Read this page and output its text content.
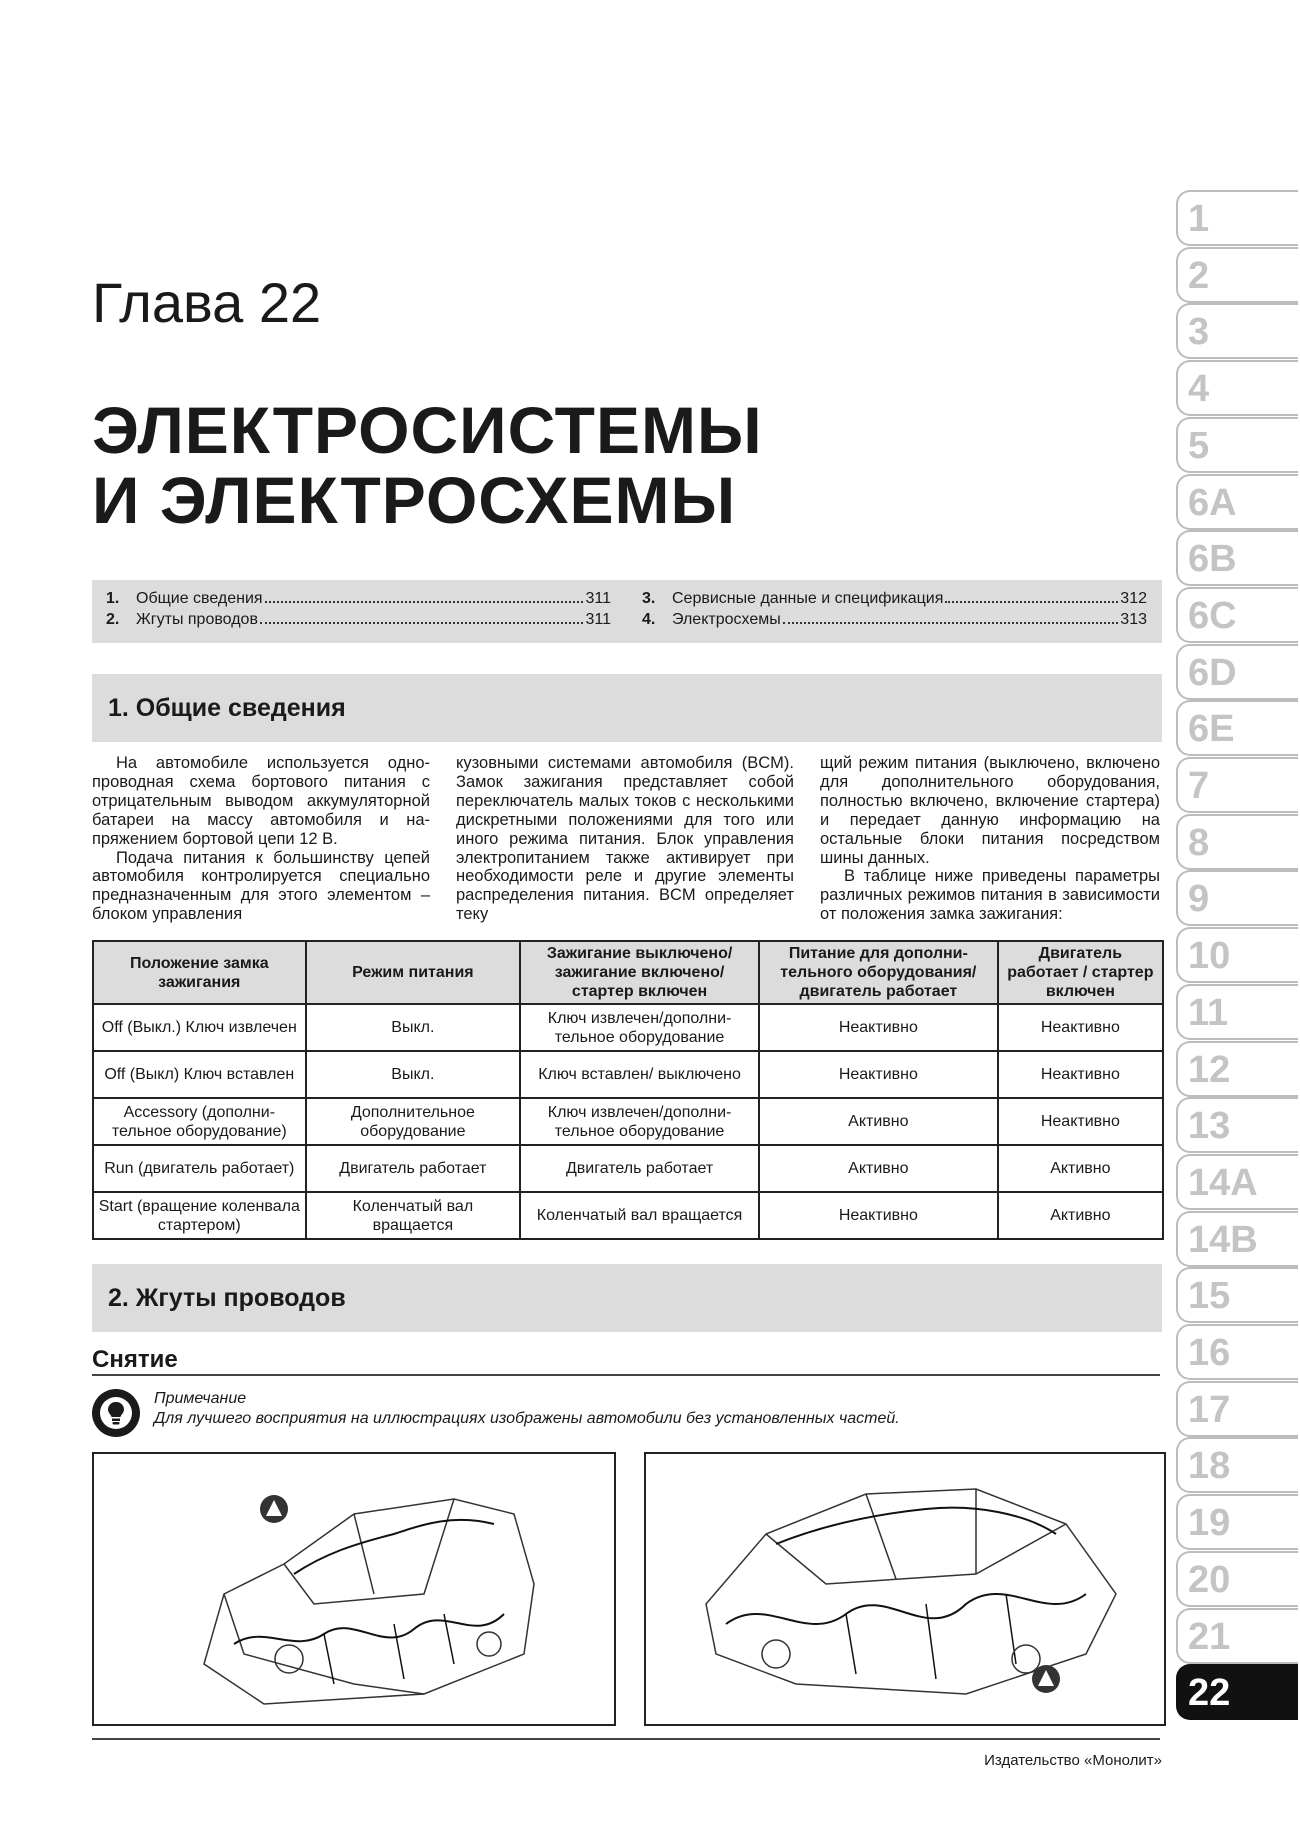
Глава 22
ЭЛЕКТРОСИСТЕМЫ
И ЭЛЕКТРОСХЕМЫ
1.	Общие сведения	311
2.	Жгуты проводов	311
3.	Сервисные данные и спецификация	312
4.	Электросхемы	313
1. Общие сведения

На автомобиле используется однопроводная схема бортового питания с отрицательным выводом аккумуляторной батареи на массу автомобиля и напряжением бортовой цепи 12 В.

Подача питания к большинству цепей автомобиля контролируется специально предназначенным для этого элементом – блоком управления

кузовными системами автомобиля (BCM). Замок зажигания представляет собой переключатель малых токов с несколькими дискретными положениями для того или иного режима питания. Блок управления электропитанием также активирует при необходимости реле и другие элементы распределения питания. BCM определяет теку

щий режим питания (выключено, включено для дополнительного оборудования, полностью включено, включение стартера) и передает данную информацию на остальные блоки питания посредством шины данных.

В таблице ниже приведены параметры различных режимов питания в зависимости от положения замка зажигания:

Положение замка зажигания	Режим питания	Зажигание выключено/ зажигание включено/ стартер включен	Питание для дополнительного оборудования/двигатель работает	Двигатель работает / стартер включен
Off (Выкл.) Ключ извлечен	Выкл.	Ключ извлечен/дополнительное оборудование	Неактивно	Неактивно
Off (Выкл) Ключ вставлен	Выкл.	Ключ вставлен/ выключено	Неактивно	Неактивно
Accessory (дополнительное оборудование)	Дополнительное оборудование	Ключ извлечен/дополнительное оборудование	Активно	Неактивно
Run (двигатель работает)	Двигатель работает	Двигатель работает	Активно	Активно
Start (вращение коленвала стартером)	Коленчатый вал вращается	Коленчатый вал вращается	Неактивно	Активно
2. Жгуты проводов
Снятие
Примечание
Для лучшего восприятия на иллюстрациях изображены автомобили без установленных частей.
Издательство «Монолит»
1
2
3
4
5
6A
6B
6C
6D
6E
7
8
9
10
11
12
13
14A
14B
15
16
17
18
19
20
21
22
